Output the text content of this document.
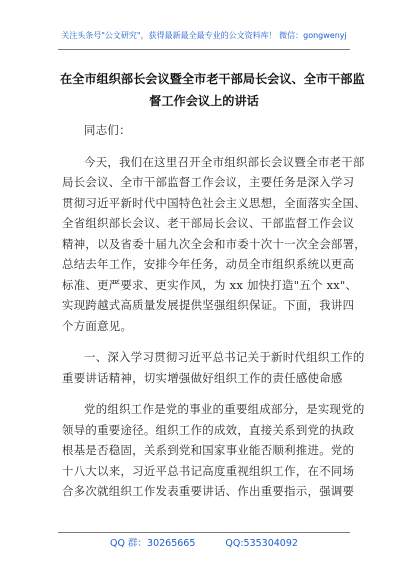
关注头条号"公文研究"，获得最新最全最专业的公文资料库！ 微信：gongwenyj
在全市组织部长会议暨全市老干部局长会议、全市干部监
督工作会议上的讲话
同志们：
今天，我们在这里召开全市组织部长会议暨全市老干部
局长会议、全市干部监督工作会议，主要任务是深入学习
贯彻习近平新时代中国特色社会主义思想，全面落实全国、
全省组织部长会议、老干部局长会议、干部监督工作会议
精神，以及省委十届九次全会和市委十次十一次全会部署，
总结去年工作，安排今年任务，动员全市组织系统以更高
标准、更严要求、更实作风，为 xx 加快打造"五个 xx"、
实现跨越式高质量发展提供坚强组织保证。下面，我讲四
个方面意见。
一、深入学习贯彻习近平总书记关于新时代组织工作的
重要讲话精神，切实增强做好组织工作的责任感使命感
党的组织工作是党的事业的重要组成部分，是实现党的
领导的重要途径。组织工作的成效，直接关系到党的执政
根基是否稳固，关系到党和国家事业能否顺利推进。党的
十八大以来，习近平总书记高度重视组织工作，在不同场
合多次就组织工作发表重要讲话、作出重要指示，强调要
QQ 群：30265665	QQ:535304092
